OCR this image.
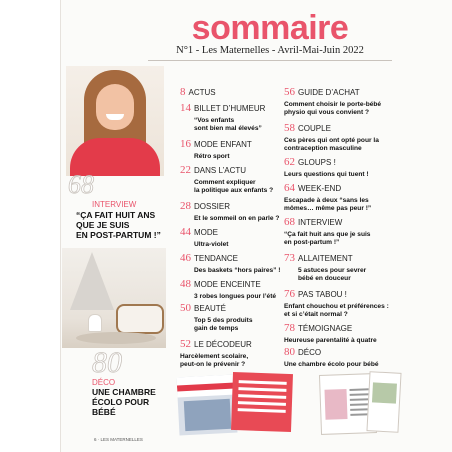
sommaire
N°1 - Les Maternelles - Avril-Mai-Juin 2022
68
INTERVIEW
“ÇA FAIT HUIT ANS
QUE JE SUIS
EN POST-PARTUM !”
80
DÉCO
UNE CHAMBRE
ÉCOLO POUR BÉBÉ
8 ACTUS
14 BILLET D’HUMEUR
“Vos enfants
sont bien mal élevés”
16 MODE ENFANT
Rétro sport
22 DANS L’ACTU
Comment expliquer
la politique aux enfants ?
28 DOSSIER
Et le sommeil on en parle ?
44 MODE
Ultra-violet
46 TENDANCE
Des baskets “hors paires” !
48 MODE ENCEINTE
3 robes longues pour l’été
50 BEAUTÉ
Top 5 des produits
gain de temps
52 LE DÉCODEUR
Harcèlement scolaire,
peut-on le prévenir ?
56 GUIDE D’ACHAT
Comment choisir le porte-bébé
physio qui vous convient ?
58 COUPLE
Ces pères qui ont opté pour la
contraception masculine
62 GLOUPS !
Leurs questions qui tuent !
64 WEEK-END
Escapade à deux “sans les
mômes… même pas peur !”
68 INTERVIEW
“Ça fait huit ans que je suis
en post-partum !”
73 ALLAITEMENT
5 astuces pour sevrer
bébé en douceur
76 PAS TABOU !
Enfant chouchou et préférences :
et si c’était normal ?
78 TÉMOIGNAGE
Heureuse parentalité à quatre
80 DÉCO
Une chambre écolo pour bébé
6 · LES MATERNELLES
